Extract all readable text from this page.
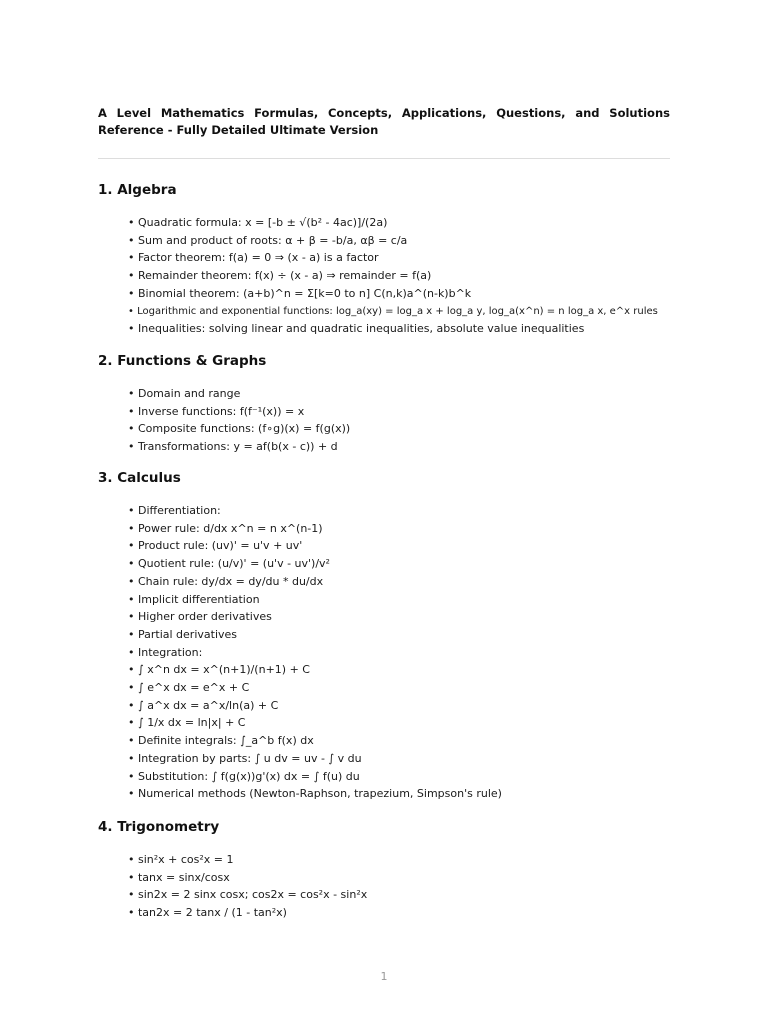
A Level Mathematics Formulas, Concepts, Applications, Questions, and Solutions Reference - Fully Detailed Ultimate Version
1. Algebra
• Quadratic formula: x = [-b ± √(b² - 4ac)]/(2a)
• Sum and product of roots: α + β = -b/a, αβ = c/a
• Factor theorem: f(a) = 0 ⇒ (x - a) is a factor
• Remainder theorem: f(x) ÷ (x - a) ⇒ remainder = f(a)
• Binomial theorem: (a+b)^n = Σ[k=0 to n] C(n,k)a^(n-k)b^k
• Logarithmic and exponential functions: log_a(xy) = log_a x + log_a y, log_a(x^n) = n log_a x, e^x rules
• Inequalities: solving linear and quadratic inequalities, absolute value inequalities
2. Functions & Graphs
• Domain and range
• Inverse functions: f(f⁻¹(x)) = x
• Composite functions: (f∘g)(x) = f(g(x))
• Transformations: y = af(b(x - c)) + d
3. Calculus
• Differentiation:
• Power rule: d/dx x^n = n x^(n-1)
• Product rule: (uv)' = u'v + uv'
• Quotient rule: (u/v)' = (u'v - uv')/v²
• Chain rule: dy/dx = dy/du * du/dx
• Implicit differentiation
• Higher order derivatives
• Partial derivatives
• Integration:
• ∫ x^n dx = x^(n+1)/(n+1) + C
• ∫ e^x dx = e^x + C
• ∫ a^x dx = a^x/ln(a) + C
• ∫ 1/x dx = ln|x| + C
• Definite integrals: ∫_a^b f(x) dx
• Integration by parts: ∫ u dv = uv - ∫ v du
• Substitution: ∫ f(g(x))g'(x) dx = ∫ f(u) du
• Numerical methods (Newton-Raphson, trapezium, Simpson's rule)
4. Trigonometry
• sin²x + cos²x = 1
• tanx = sinx/cosx
• sin2x = 2 sinx cosx; cos2x = cos²x - sin²x
• tan2x = 2 tanx / (1 - tan²x)
1
